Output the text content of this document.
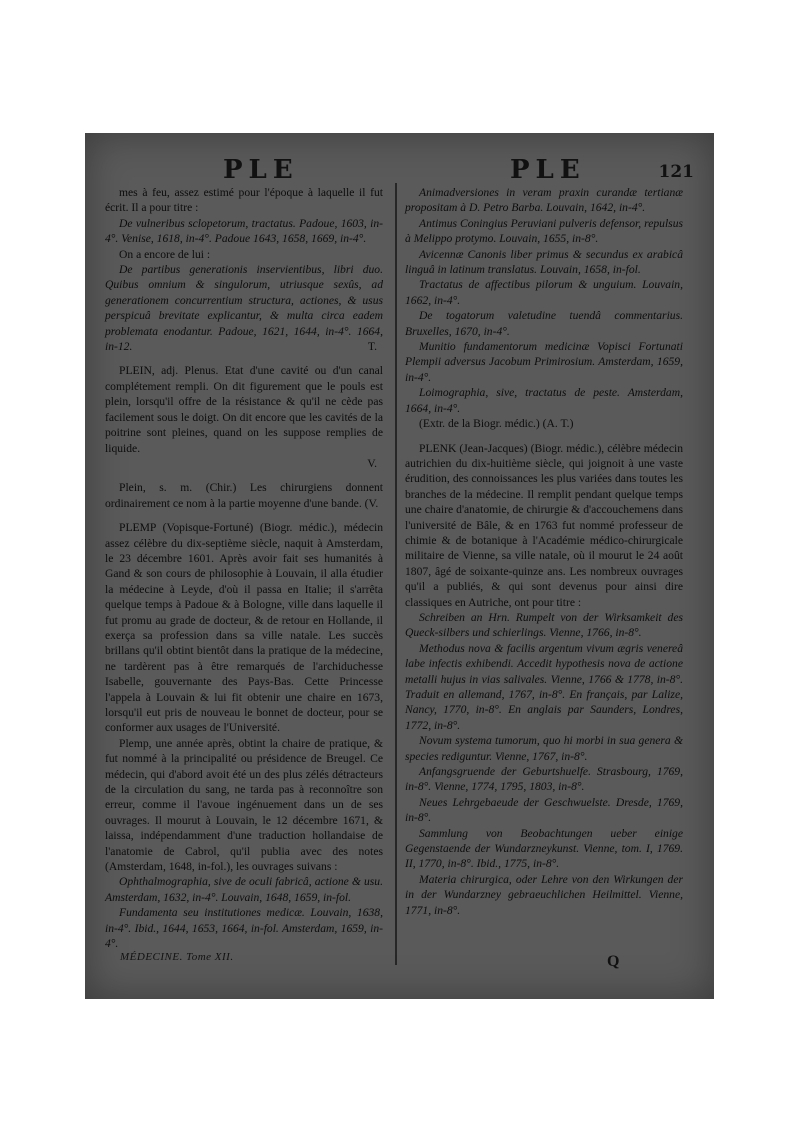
PLE	PLE	121

mes à feu, assez estimé pour l'époque à laquelle il fut écrit. Il a pour titre :

De vulneribus sclopetorum, tractatus. Padoue, 1603, in-4°. Venise, 1618, in-4°. Padoue 1643, 1658, 1669, in-4°.

On a encore de lui :

De partibus generationis inservientibus, libri duo. Quibus omnium & singulorum, utriusque sexûs, ad generationem concurrentium structura, actiones, & usus perspicuâ brevitate explicantur, & multa circa eadem problemata enodantur. Padoue, 1621, 1644, in-4°. 1664, in-12.	T.

PLEIN, adj. Plenus. Etat d'une cavité ou d'un canal complétement rempli. On dit figurement que le pouls est plein, lorsqu'il offre de la résistance & qu'il ne cède pas facilement sous le doigt. On dit encore que les cavités de la poitrine sont pleines, quand on les suppose remplies de liquide.

V.

Plein, s. m. (Chir.) Les chirurgiens donnent ordinairement ce nom à la partie moyenne d'une bande. (V.

PLEMP (Vopisque-Fortuné) (Biogr. médic.), médecin assez célèbre du dix-septième siècle, naquit à Amsterdam, le 23 décembre 1601. Après avoir fait ses humanités à Gand & son cours de philosophie à Louvain, il alla étudier la médecine à Leyde, d'où il passa en Italie; il s'arrêta quelque temps à Padoue & à Bologne, ville dans laquelle il fut promu au grade de docteur, & de retour en Hollande, il exerça sa profession dans sa ville natale. Les succès brillans qu'il obtint bientôt dans la pratique de la médecine, ne tardèrent pas à être remarqués de l'archiduchesse Isabelle, gouvernante des Pays-Bas. Cette Princesse l'appela à Louvain & lui fit obtenir une chaire en 1673, lorsqu'il eut pris de nouveau le bonnet de docteur, pour se conformer aux usages de l'Université.

Plemp, une année après, obtint la chaire de pratique, & fut nommé à la principalité ou présidence de Breugel. Ce médecin, qui d'abord avoit été un des plus zélés détracteurs de la circulation du sang, ne tarda pas à reconnoître son erreur, comme il l'avoue ingénuement dans un de ses ouvrages. Il mourut à Louvain, le 12 décembre 1671, & laissa, indépendamment d'une traduction hollandaise de l'anatomie de Cabrol, qu'il publia avec des notes (Amsterdam, 1648, in-fol.), les ouvrages suivans :

Ophthalmographia, sive de oculi fabricâ, actione & usu. Amsterdam, 1632, in-4°. Louvain, 1648, 1659, in-fol.

Fundamenta seu institutiones medicæ. Louvain, 1638, in-4°. Ibid., 1644, 1653, 1664, in-fol. Amsterdam, 1659, in-4°.

Animadversiones in veram praxin curandæ tertianæ propositam à D. Petro Barba. Louvain, 1642, in-4°.

Antimus Coningius Peruviani pulveris defensor, repulsus à Melippo protymo. Louvain, 1655, in-8°.

Avicennæ Canonis liber primus & secundus ex arabicâ linguâ in latinum translatus. Louvain, 1658, in-fol.

Tractatus de affectibus pilorum & unguium. Louvain, 1662, in-4°.

De togatorum valetudine tuendâ commentarius. Bruxelles, 1670, in-4°.

Munitio fundamentorum medicinæ Vopisci Fortunati Plempii adversus Jacobum Primirosium. Amsterdam, 1659, in-4°.

Loimographia, sive, tractatus de peste. Amsterdam, 1664, in-4°.

(Extr. de la Biogr. médic.) (A. T.)

PLENK (Jean-Jacques) (Biogr. médic.), célèbre médecin autrichien du dix-huitième siècle, qui joignoit à une vaste érudition, des connoissances les plus variées dans toutes les branches de la médecine. Il remplit pendant quelque temps une chaire d'anatomie, de chirurgie & d'accouchemens dans l'université de Bâle, & en 1763 fut nommé professeur de chimie & de botanique à l'Académie médico-chirurgicale militaire de Vienne, sa ville natale, où il mourut le 24 août 1807, âgé de soixante-quinze ans. Les nombreux ouvrages qu'il a publiés, & qui sont devenus pour ainsi dire classiques en Autriche, ont pour titre :

Schreiben an Hrn. Rumpelt von der Wirksamkeit des Queck-silbers und schierlings. Vienne, 1766, in-8°.

Methodus nova & facilis argentum vivum ægris venereâ labe infectis exhibendi. Accedit hypothesis nova de actione metalli hujus in vias salivales. Vienne, 1766 & 1778, in-8°. Traduit en allemand, 1767, in-8°. En français, par Lalize, Nancy, 1770, in-8°. En anglais par Saunders, Londres, 1772, in-8°.

Novum systema tumorum, quo hi morbi in sua genera & species rediguntur. Vienne, 1767, in-8°.

Anfangsgruende der Geburtshuelfe. Strasbourg, 1769, in-8°. Vienne, 1774, 1795, 1803, in-8°.

Neues Lehrgebaeude der Geschwuelste. Dresde, 1769, in-8°.

Sammlung von Beobachtungen ueber einige Gegenstaende der Wundarzneykunst. Vienne, tom. I, 1769. II, 1770, in-8°. Ibid., 1775, in-8°.

Materia chirurgica, oder Lehre von den Wirkungen der in der Wundarzney gebraeuchlichen Heilmittel. Vienne, 1771, in-8°.

MÉDECINE. Tome XII.	Q
